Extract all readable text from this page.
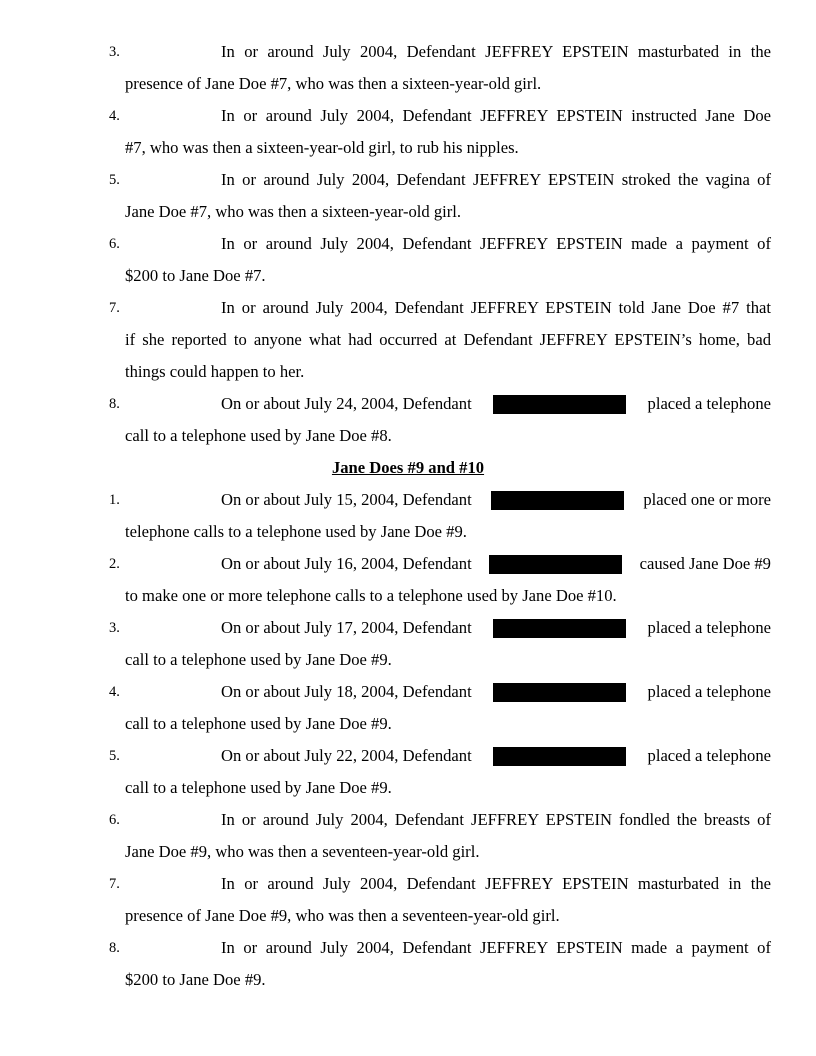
3.	In or around July 2004, Defendant JEFFREY EPSTEIN masturbated in the
presence of Jane Doe #7, who was then a sixteen-year-old girl.
4.	In or around July 2004, Defendant JEFFREY EPSTEIN instructed Jane Doe
#7, who was then a sixteen-year-old girl, to rub his nipples.
5.	In or around July 2004, Defendant JEFFREY EPSTEIN stroked the vagina of
Jane Doe #7, who was then a sixteen-year-old girl.
6.	In or around July 2004, Defendant JEFFREY EPSTEIN made a payment of
$200 to Jane Doe #7.
7.	In or around July 2004, Defendant JEFFREY EPSTEIN told Jane Doe #7 that
if she reported to anyone what had occurred at Defendant JEFFREY EPSTEIN’s home, bad
things could happen to her.
8.	On or about July 24, 2004, Defendant	placed a telephone
call to a telephone used by Jane Doe #8.
Jane Does #9 and #10
1.	On or about July 15, 2004, Defendant	placed one or more
telephone calls to a telephone used by Jane Doe #9.
2.	On or about July 16, 2004, Defendant	caused Jane Doe #9
to make one or more telephone calls to a telephone used by Jane Doe #10.
3.	On or about July 17, 2004, Defendant	placed a telephone
call to a telephone used by Jane Doe #9.
4.	On or about July 18, 2004, Defendant	placed a telephone
call to a telephone used by Jane Doe #9.
5.	On or about July 22, 2004, Defendant	placed a telephone
call to a telephone used by Jane Doe #9.
6.	In or around July 2004, Defendant JEFFREY EPSTEIN fondled the breasts of
Jane Doe #9, who was then a seventeen-year-old girl.
7.	In or around July 2004, Defendant JEFFREY EPSTEIN masturbated in the
presence of Jane Doe #9, who was then a seventeen-year-old girl.
8.	In or around July 2004, Defendant JEFFREY EPSTEIN made a payment of
$200 to Jane Doe #9.
